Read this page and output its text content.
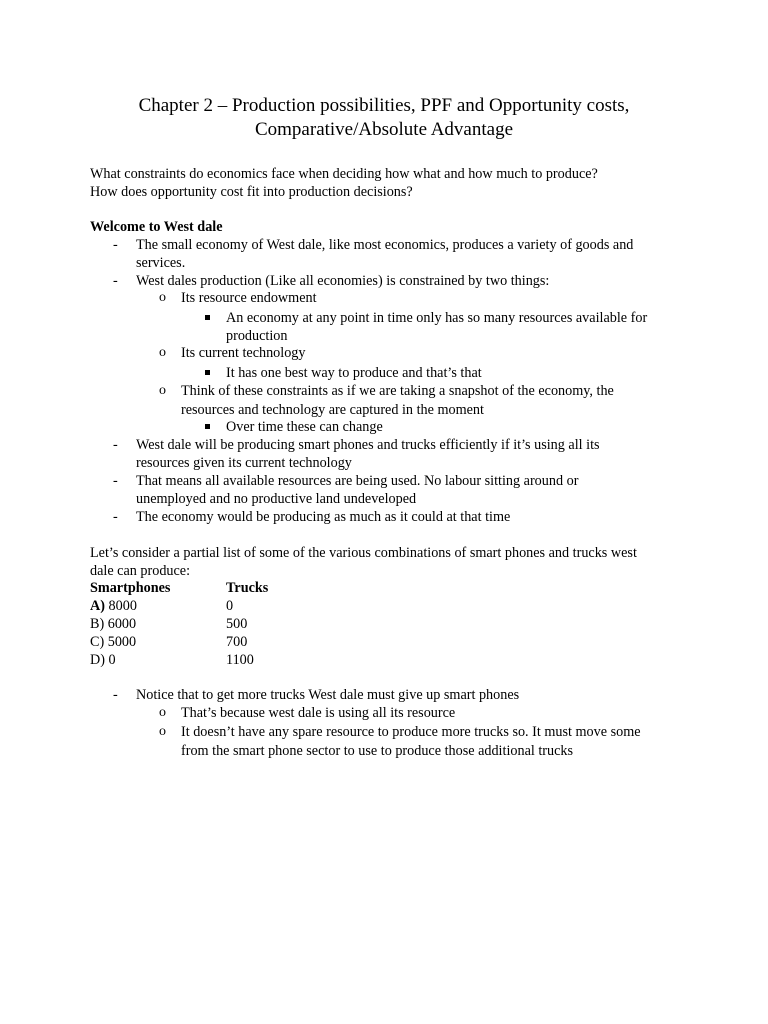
Chapter 2 – Production possibilities, PPF and Opportunity costs,
Comparative/Absolute Advantage
What constraints do economics face when deciding how what and how much to produce?
How does opportunity cost fit into production decisions?
Welcome to West dale
- The small economy of West dale, like most economics, produces a variety of goods and
services.
- West dales production (Like all economies) is constrained by two things:
o Its resource endowment
An economy at any point in time only has so many resources available for
production
o Its current technology
It has one best way to produce and that’s that
o Think of these constraints as if we are taking a snapshot of the economy, the
resources and technology are captured in the moment
Over time these can change
- West dale will be producing smart phones and trucks efficiently if it’s using all its
resources given its current technology
- That means all available resources are being used. No labour sitting around or
unemployed and no productive land undeveloped
- The economy would be producing as much as it could at that time
Let’s consider a partial list of some of the various combinations of smart phones and trucks west
dale can produce:
Smartphones	Trucks
A) 8000	0
B) 6000	500
C) 5000	700
D) 0	1100
- Notice that to get more trucks West dale must give up smart phones
o That’s because west dale is using all its resource
o It doesn’t have any spare resource to produce more trucks so. It must move some
from the smart phone sector to use to produce those additional trucks
